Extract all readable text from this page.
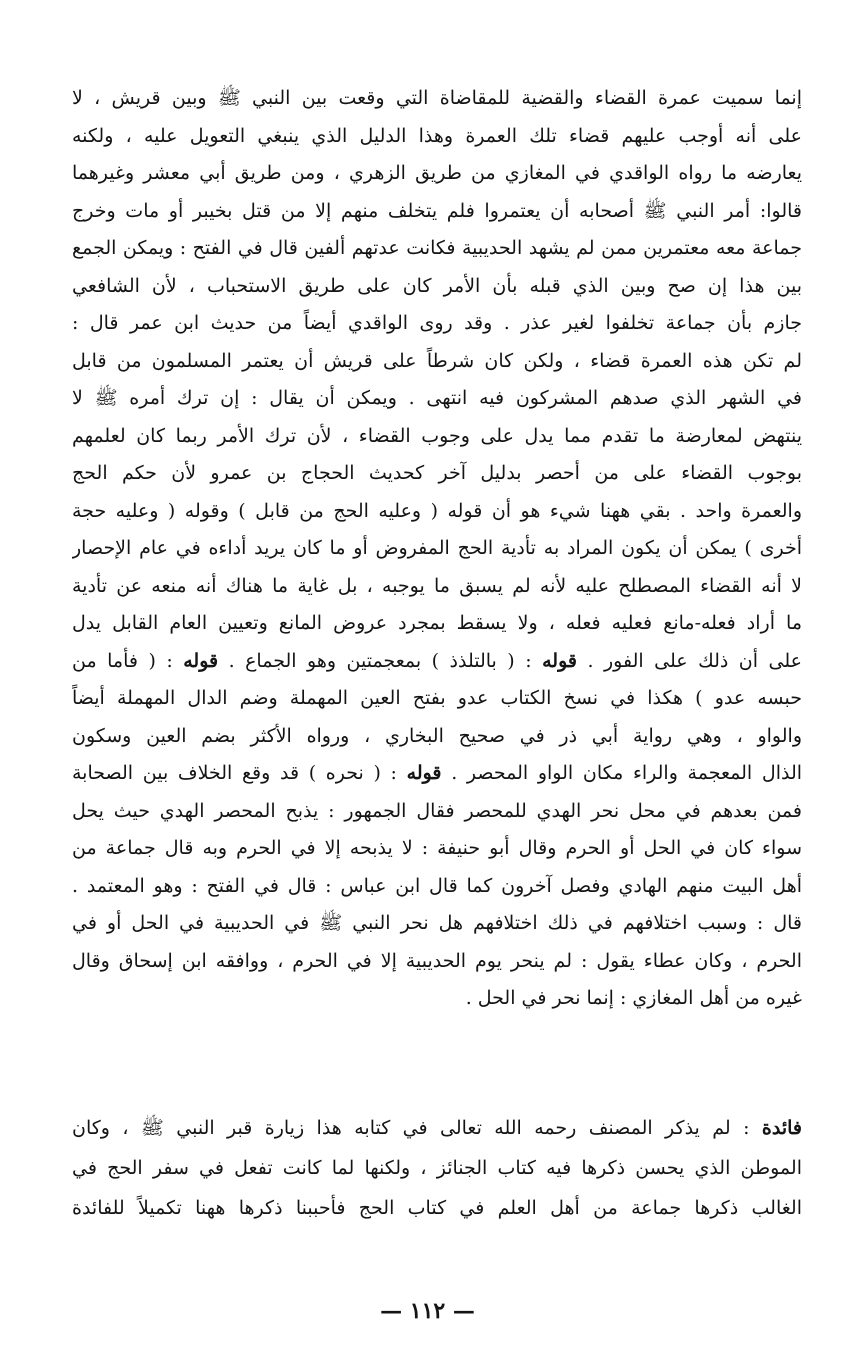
إنما سميت عمرة القضاء والقضية للمقاضاة التي وقعت بين النبي ﷺ وبين قريش ، لا
على أنه أوجب عليهم قضاء تلك العمرة وهذا الدليل الذي ينبغي التعويل عليه ، ولكنه
يعارضه ما رواه الواقدي في المغازي من طريق الزهري ، ومن طريق أبي معشر وغيرهما
قالوا: أمر النبي ﷺ أصحابه أن يعتمروا فلم يتخلف منهم إلا من قتل بخيبر أو مات وخرج
جماعة معه معتمرين ممن لم يشهد الحديبية فكانت عدتهم ألفين قال في الفتح : ويمكن الجمع
بين هذا إن صح وبين الذي قبله بأن الأمر كان على طريق الاستحباب ، لأن الشافعي
جازم بأن جماعة تخلفوا لغير عذر . وقد روى الواقدي أيضاً من حديث ابن عمر قال :
لم تكن هذه العمرة قضاء ، ولكن كان شرطاً على قريش أن يعتمر المسلمون من قابل
في الشهر الذي صدهم المشركون فيه انتهى . ويمكن أن يقال : إن ترك أمره ﷺ لا
ينتهض لمعارضة ما تقدم مما يدل على وجوب القضاء ، لأن ترك الأمر ربما كان لعلمهم
بوجوب القضاء على من أحصر بدليل آخر كحديث الحجاج بن عمرو لأن حكم الحج
والعمرة واحد . بقي ههنا شيء هو أن قوله ( وعليه الحج من قابل ) وقوله ( وعليه حجة
أخرى ) يمكن أن يكون المراد به تأدية الحج المفروض أو ما كان يريد أداءه في عام الإحصار
لا أنه القضاء المصطلح عليه لأنه لم يسبق ما يوجبه ، بل غاية ما هناك أنه منعه عن تأدية
ما أراد فعله-مانع فعليه فعله ، ولا يسقط بمجرد عروض المانع وتعيين العام القابل يدل
على أن ذلك على الفور . قوله : ( بالتلذذ ) بمعجمتين وهو الجماع . قوله : ( فأما من
حبسه عدو ) هكذا في نسخ الكتاب عدو بفتح العين المهملة وضم الدال المهملة أيضاً
والواو ، وهي رواية أبي ذر في صحيح البخاري ، ورواه الأكثر بضم العين وسكون
الذال المعجمة والراء مكان الواو المحصر . قوله : ( نحره ) قد وقع الخلاف بين الصحابة
فمن بعدهم في محل نحر الهدي للمحصر فقال الجمهور : يذبح المحصر الهدي حيث يحل
سواء كان في الحل أو الحرم وقال أبو حنيفة : لا يذبحه إلا في الحرم وبه قال جماعة من
أهل البيت منهم الهادي وفصل آخرون كما قال ابن عباس : قال في الفتح : وهو المعتمد .
قال : وسبب اختلافهم في ذلك اختلافهم هل نحر النبي ﷺ في الحديبية في الحل أو في
الحرم ، وكان عطاء يقول : لم ينحر يوم الحديبية إلا في الحرم ، ووافقه ابن إسحاق وقال
غيره من أهل المغازي : إنما نحر في الحل .
فائدة : لم يذكر المصنف رحمه الله تعالى في كتابه هذا زيارة قبر النبي ﷺ ، وكان
الموطن الذي يحسن ذكرها فيه كتاب الجنائز ، ولكنها لما كانت تفعل في سفر الحج في
الغالب ذكرها جماعة من أهل العلم في كتاب الحج فأحببنا ذكرها ههنا تكميلاً للفائدة
— ١١٢ —
